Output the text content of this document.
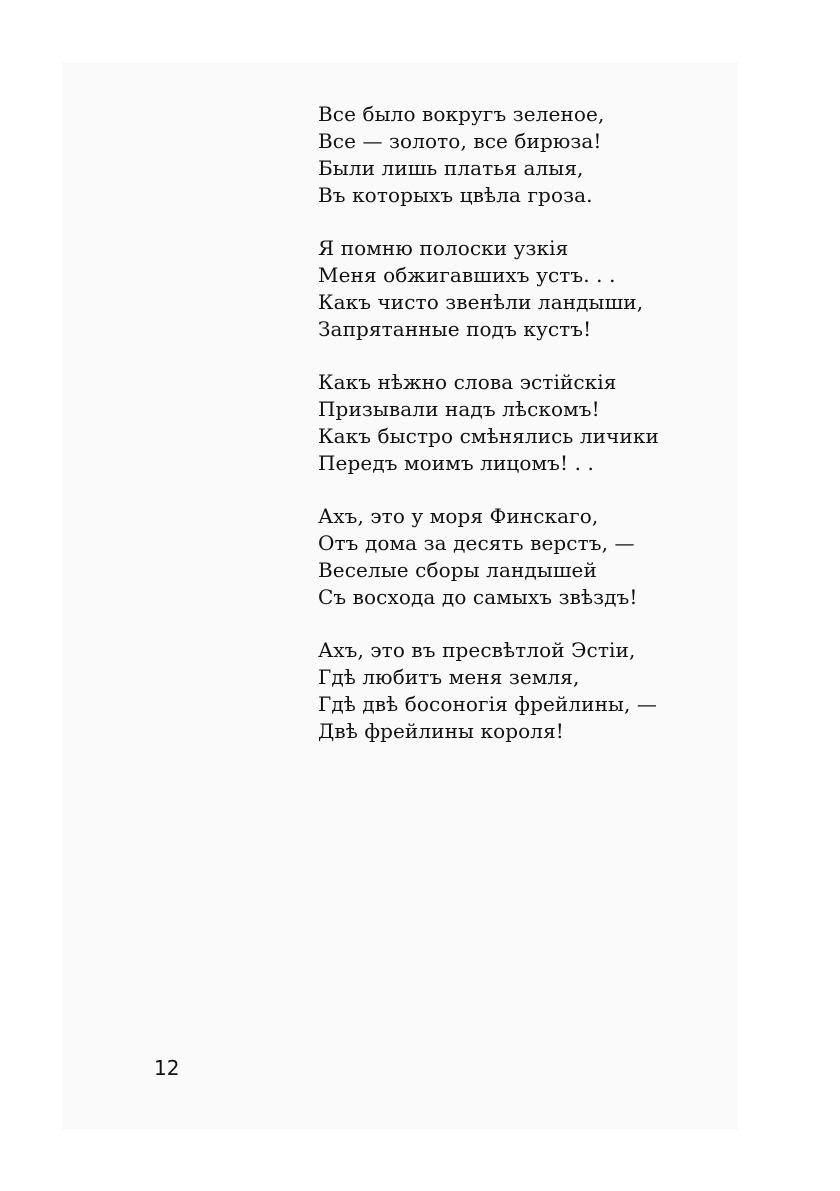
Все было вокругъ зеленое,
Все — золото, все бирюза!
Были лишь платья алыя,
Въ которыхъ цвѣла гроза.
Я помню полоски узкія
Меня обжигавшихъ устъ. . .
Какъ чисто звенѣли ландыши,
Запрятанные подъ кустъ!
Какъ нѣжно слова эстійскія
Призывали надъ лѣскомъ!
Какъ быстро смѣнялись личики
Передъ моимъ лицомъ! . .
Ахъ, это у моря Финскаго,
Отъ дома за десять верстъ, —
Веселые сборы ландышей
Съ восхода до самыхъ звѣздъ!
Ахъ, это въ пресвѣтлой Эстіи,
Гдѣ любитъ меня земля,
Гдѣ двѣ босоногія фрейлины, —
Двѣ фрейлины короля!
12
